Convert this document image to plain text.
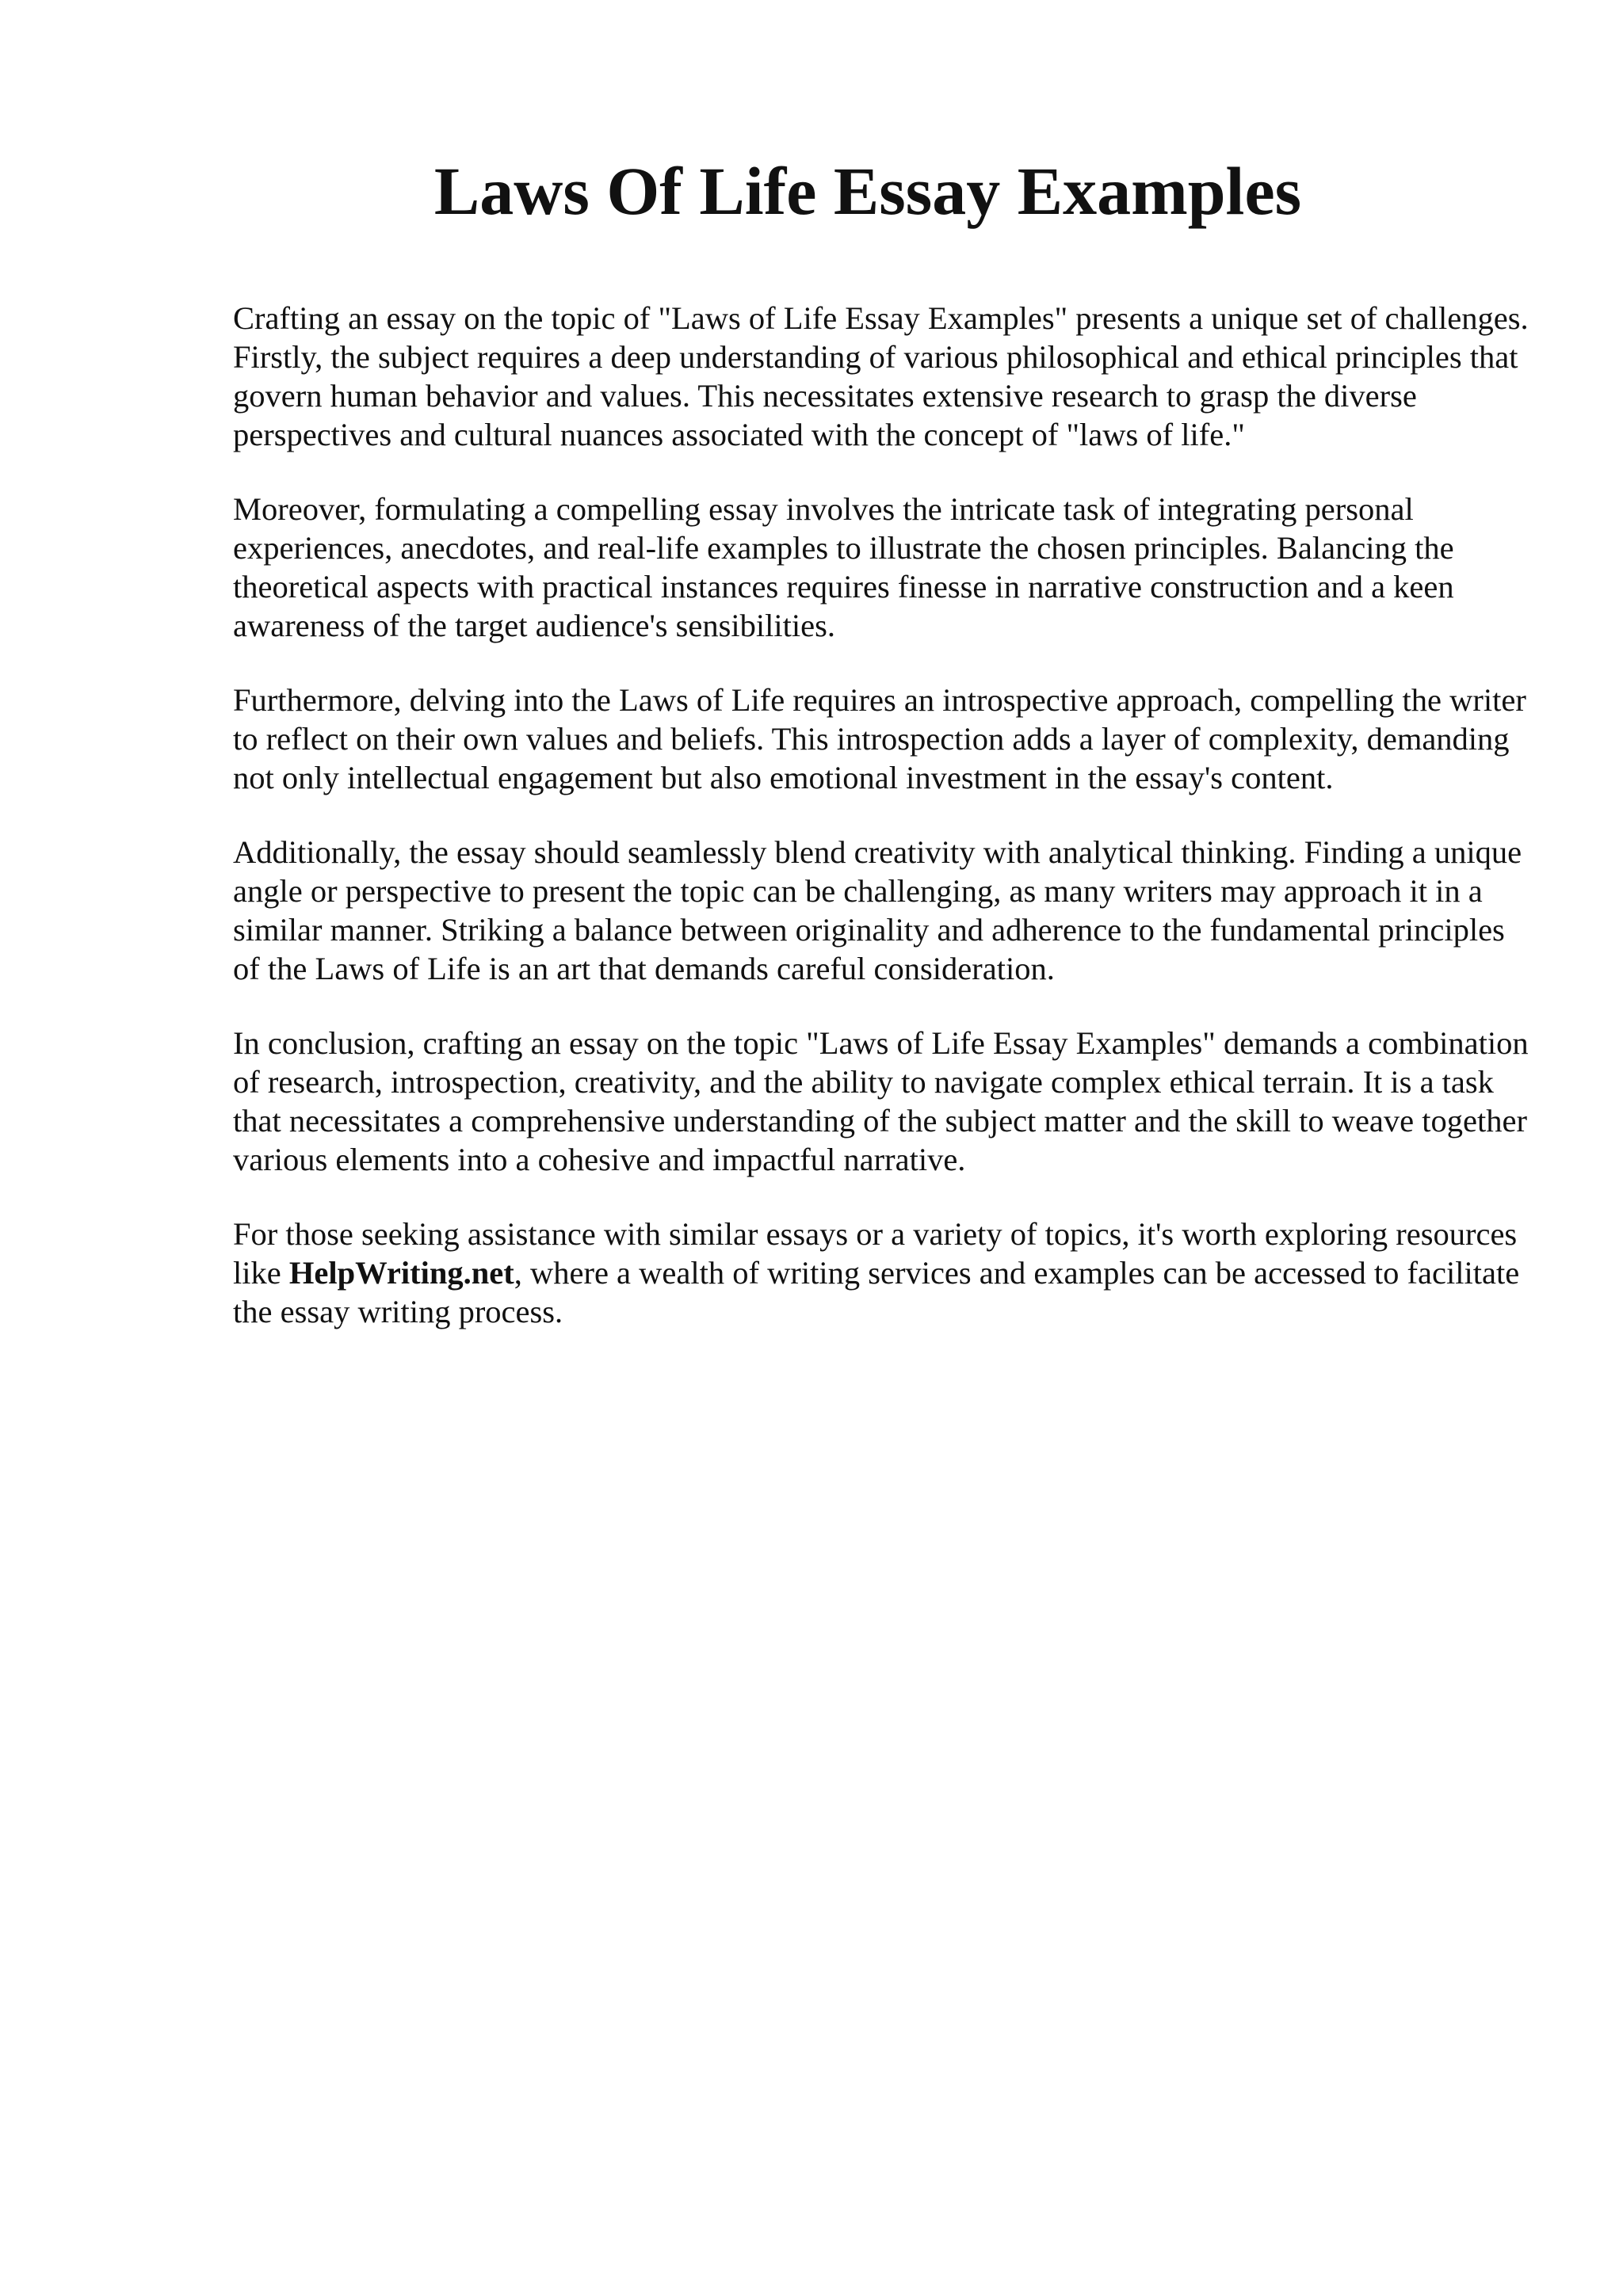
Laws Of Life Essay Examples

Crafting an essay on the topic of "Laws of Life Essay Examples" presents a unique set of challenges. Firstly, the subject requires a deep understanding of various philosophical and ethical principles that govern human behavior and values. This necessitates extensive research to grasp the diverse perspectives and cultural nuances associated with the concept of "laws of life."

Moreover, formulating a compelling essay involves the intricate task of integrating personal experiences, anecdotes, and real-life examples to illustrate the chosen principles. Balancing the theoretical aspects with practical instances requires finesse in narrative construction and a keen awareness of the target audience's sensibilities.

Furthermore, delving into the Laws of Life requires an introspective approach, compelling the writer to reflect on their own values and beliefs. This introspection adds a layer of complexity, demanding not only intellectual engagement but also emotional investment in the essay's content.

Additionally, the essay should seamlessly blend creativity with analytical thinking. Finding a unique angle or perspective to present the topic can be challenging, as many writers may approach it in a similar manner. Striking a balance between originality and adherence to the fundamental principles of the Laws of Life is an art that demands careful consideration.

In conclusion, crafting an essay on the topic "Laws of Life Essay Examples" demands a combination of research, introspection, creativity, and the ability to navigate complex ethical terrain. It is a task that necessitates a comprehensive understanding of the subject matter and the skill to weave together various elements into a cohesive and impactful narrative.

For those seeking assistance with similar essays or a variety of topics, it's worth exploring resources like HelpWriting.net, where a wealth of writing services and examples can be accessed to facilitate the essay writing process.
